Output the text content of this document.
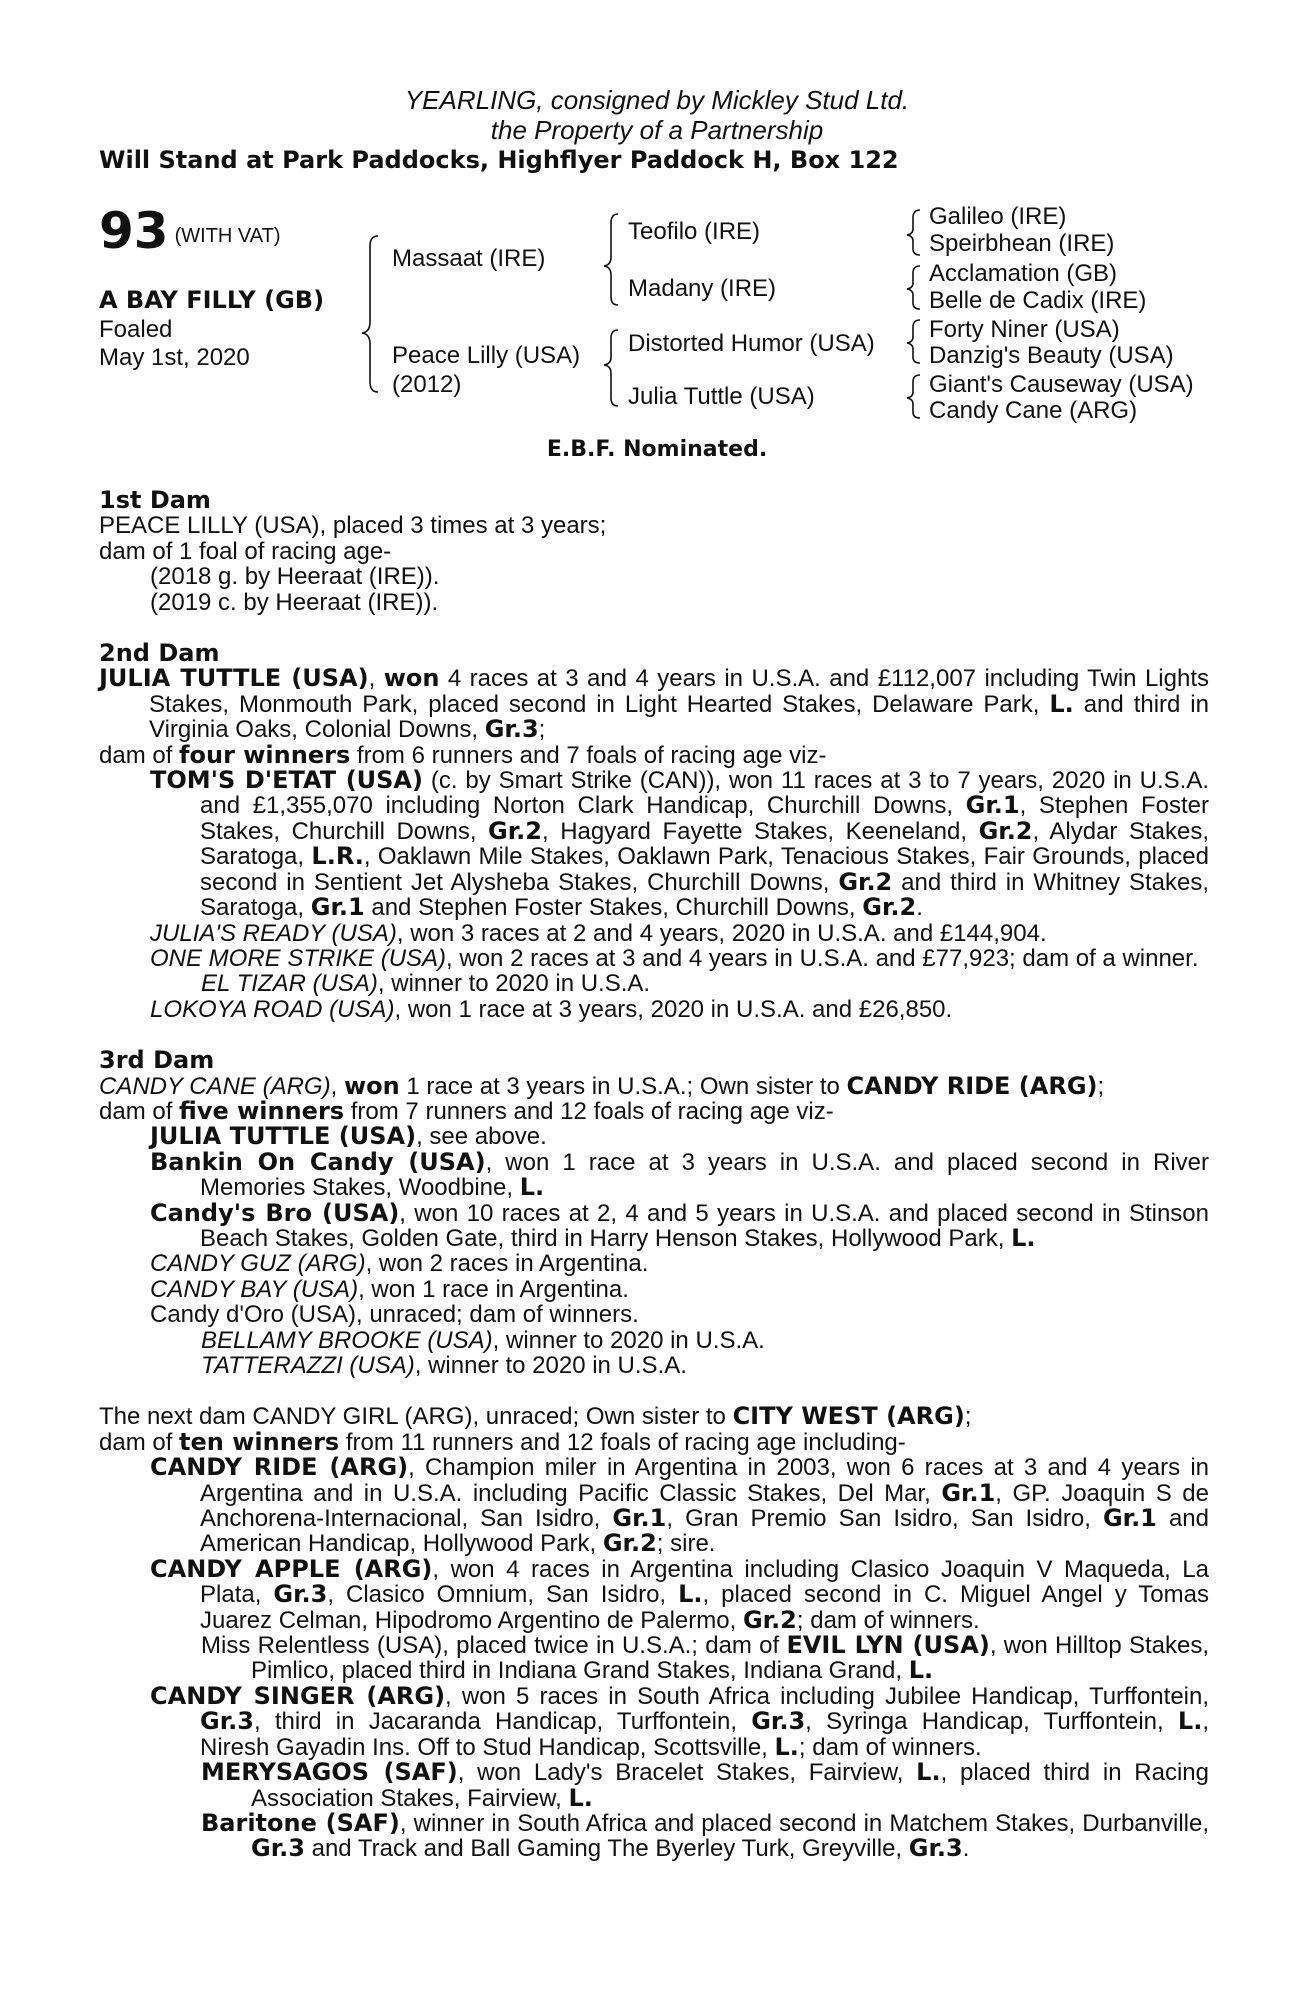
YEARLING, consigned by Mickley Stud Ltd.
the Property of a Partnership
Will Stand at Park Paddocks, Highflyer Paddock H, Box 122
93 (WITH VAT)
A BAY FILLY (GB)
Foaled
May 1st, 2020
Massaat (IRE)
Peace Lilly (USA)
(2012)
Teofilo (IRE)
Madany (IRE)
Distorted Humor (USA)
Julia Tuttle (USA)
Galileo (IRE)
Speirbhean (IRE)
Acclamation (GB)
Belle de Cadix (IRE)
Forty Niner (USA)
Danzig's Beauty (USA)
Giant's Causeway (USA)
Candy Cane (ARG)
E.B.F. Nominated.

1st Dam

PEACE LILLY (USA), placed 3 times at 3 years;

dam of 1 foal of racing age-

(2018 g. by Heeraat (IRE)).

(2019 c. by Heeraat (IRE)).

2nd Dam

JULIA TUTTLE (USA), won 4 races at 3 and 4 years in U.S.A. and £112,007 including Twin Lights Stakes, Monmouth Park, placed second in Light Hearted Stakes, Delaware Park, L. and third in Virginia Oaks, Colonial Downs, Gr.3;

dam of four winners from 6 runners and 7 foals of racing age viz-

TOM'S D'ETAT (USA) (c. by Smart Strike (CAN)), won 11 races at 3 to 7 years, 2020 in U.S.A. and £1,355,070 including Norton Clark Handicap, Churchill Downs, Gr.1, Stephen Foster Stakes, Churchill Downs, Gr.2, Hagyard Fayette Stakes, Keeneland, Gr.2, Alydar Stakes, Saratoga, L.R., Oaklawn Mile Stakes, Oaklawn Park, Tenacious Stakes, Fair Grounds, placed second in Sentient Jet Alysheba Stakes, Churchill Downs, Gr.2 and third in Whitney Stakes, Saratoga, Gr.1 and Stephen Foster Stakes, Churchill Downs, Gr.2.

JULIA'S READY (USA), won 3 races at 2 and 4 years, 2020 in U.S.A. and £144,904.

ONE MORE STRIKE (USA), won 2 races at 3 and 4 years in U.S.A. and £77,923; dam of a winner.

EL TIZAR (USA), winner to 2020 in U.S.A.

LOKOYA ROAD (USA), won 1 race at 3 years, 2020 in U.S.A. and £26,850.

3rd Dam

CANDY CANE (ARG), won 1 race at 3 years in U.S.A.; Own sister to CANDY RIDE (ARG);

dam of five winners from 7 runners and 12 foals of racing age viz-

JULIA TUTTLE (USA), see above.

Bankin On Candy (USA), won 1 race at 3 years in U.S.A. and placed second in River Memories Stakes, Woodbine, L.

Candy's Bro (USA), won 10 races at 2, 4 and 5 years in U.S.A. and placed second in Stinson Beach Stakes, Golden Gate, third in Harry Henson Stakes, Hollywood Park, L.

CANDY GUZ (ARG), won 2 races in Argentina.

CANDY BAY (USA), won 1 race in Argentina.

Candy d'Oro (USA), unraced; dam of winners.

BELLAMY BROOKE (USA), winner to 2020 in U.S.A.

TATTERAZZI (USA), winner to 2020 in U.S.A.

The next dam CANDY GIRL (ARG), unraced; Own sister to CITY WEST (ARG);

dam of ten winners from 11 runners and 12 foals of racing age including-

CANDY RIDE (ARG), Champion miler in Argentina in 2003, won 6 races at 3 and 4 years in Argentina and in U.S.A. including Pacific Classic Stakes, Del Mar, Gr.1, GP. Joaquin S de Anchorena-Internacional, San Isidro, Gr.1, Gran Premio San Isidro, San Isidro, Gr.1 and American Handicap, Hollywood Park, Gr.2; sire.

CANDY APPLE (ARG), won 4 races in Argentina including Clasico Joaquin V Maqueda, La Plata, Gr.3, Clasico Omnium, San Isidro, L., placed second in C. Miguel Angel y Tomas Juarez Celman, Hipodromo Argentino de Palermo, Gr.2; dam of winners.

Miss Relentless (USA), placed twice in U.S.A.; dam of EVIL LYN (USA), won Hilltop Stakes, Pimlico, placed third in Indiana Grand Stakes, Indiana Grand, L.

CANDY SINGER (ARG), won 5 races in South Africa including Jubilee Handicap, Turffontein, Gr.3, third in Jacaranda Handicap, Turffontein, Gr.3, Syringa Handicap, Turffontein, L., Niresh Gayadin Ins. Off to Stud Handicap, Scottsville, L.; dam of winners.

MERYSAGOS (SAF), won Lady's Bracelet Stakes, Fairview, L., placed third in Racing Association Stakes, Fairview, L.

Baritone (SAF), winner in South Africa and placed second in Matchem Stakes, Durbanville, Gr.3 and Track and Ball Gaming The Byerley Turk, Greyville, Gr.3.
